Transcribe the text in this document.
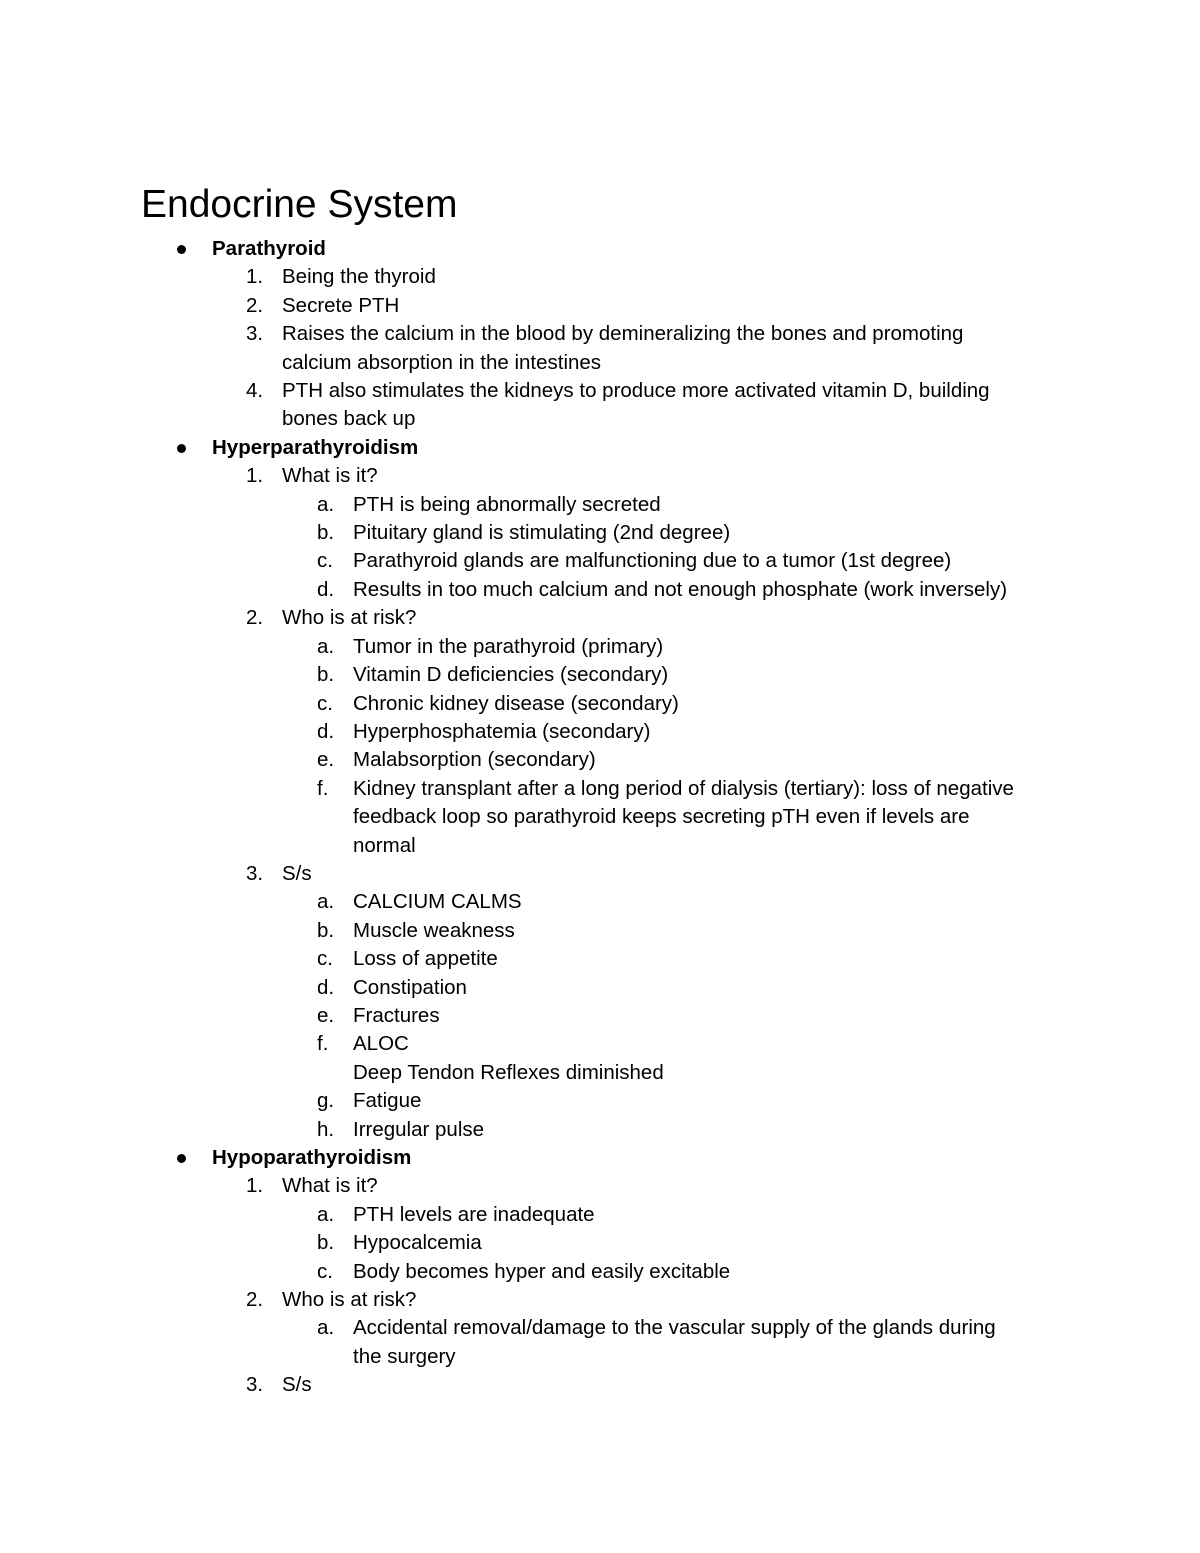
Endocrine System
Parathyroid
1. Being the thyroid
2. Secrete PTH
3. Raises the calcium in the blood by demineralizing the bones and promoting
calcium absorption in the intestines
4. PTH also stimulates the kidneys to produce more activated vitamin D, building
bones back up
Hyperparathyroidism
1. What is it?
a. PTH is being abnormally secreted
b. Pituitary gland is stimulating (2nd degree)
c. Parathyroid glands are malfunctioning due to a tumor (1st degree)
d. Results in too much calcium and not enough phosphate (work inversely)
2. Who is at risk?
a. Tumor in the parathyroid (primary)
b. Vitamin D deficiencies (secondary)
c. Chronic kidney disease (secondary)
d. Hyperphosphatemia (secondary)
e. Malabsorption (secondary)
f. Kidney transplant after a long period of dialysis (tertiary): loss of negative
feedback loop so parathyroid keeps secreting pTH even if levels are
normal
3. S/s
a. CALCIUM CALMS
b. Muscle weakness
c. Loss of appetite
d. Constipation
e. Fractures
f. ALOC
Deep Tendon Reflexes diminished
g. Fatigue
h. Irregular pulse
Hypoparathyroidism
1. What is it?
a. PTH levels are inadequate
b. Hypocalcemia
c. Body becomes hyper and easily excitable
2. Who is at risk?
a. Accidental removal/damage to the vascular supply of the glands during
the surgery
3. S/s
